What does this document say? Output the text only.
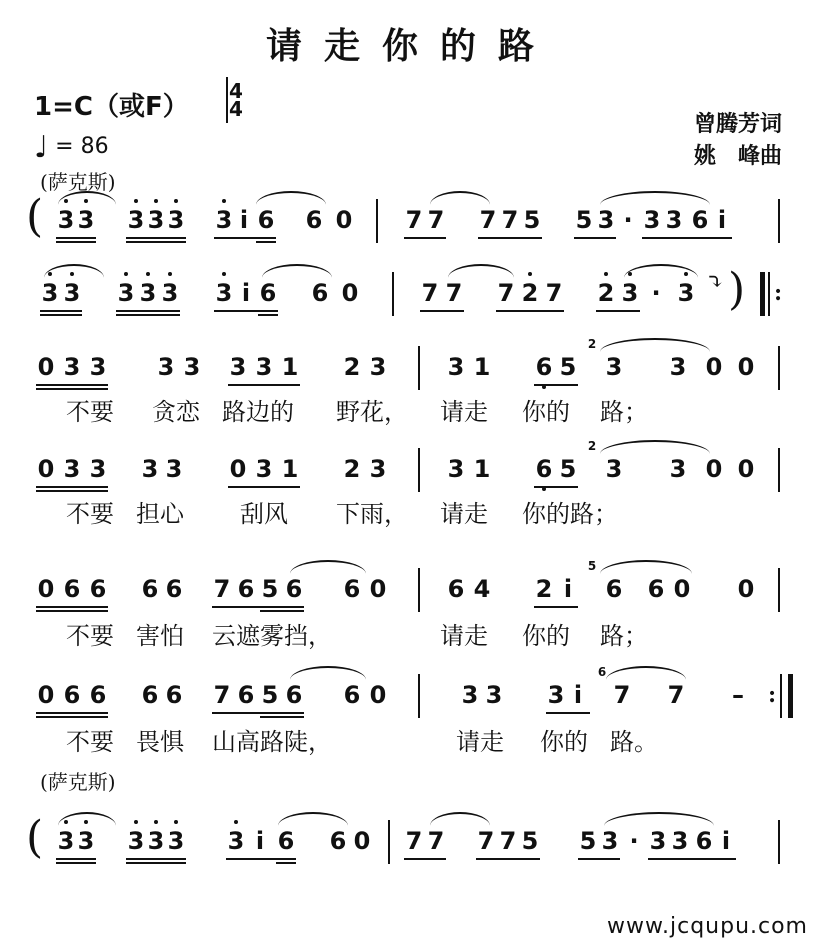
请走你的路
1=C（或F）
4
4
♩ = 86
曾腾芳词
姚　峰曲
(萨克斯)
(萨克斯)
( 3 3 3 3 3 3 i 6 6 0 7 7 7 7 5 5 3 · 3 3 6 i
3 3 3 3 3 3 i 6 6 0	7 7 7 2 7 2 3 · 3 ⤵ ) :
0 3 3 3 3 3 3 1 2 3	3 1 6 5
2
3 3 0 0
不要 贪恋 路边的 野花， 请走 你的 路；
0 3 3 3 3 0 3 1 2 3	3 1 6 5
2
3 3 0 0
不要 担心 刮风 下雨， 请走 你的路；
0 6 6 6 6 7 6 5 6 6 0	6 4 2 i
5
6 6 0 0
不要 害怕 云遮雾挡，	请走 你的 路；
0 6 6 6 6 7 6 5 6 6 0	3 3 3 i
6
7 7 – :
不要 畏惧 山高路陡，	请走 你的 路。
( 3 3 3 3 3 3 i 6 6 0 7 7 7 7 5 5 3 · 3 3 6 i
www.jcqupu.com
